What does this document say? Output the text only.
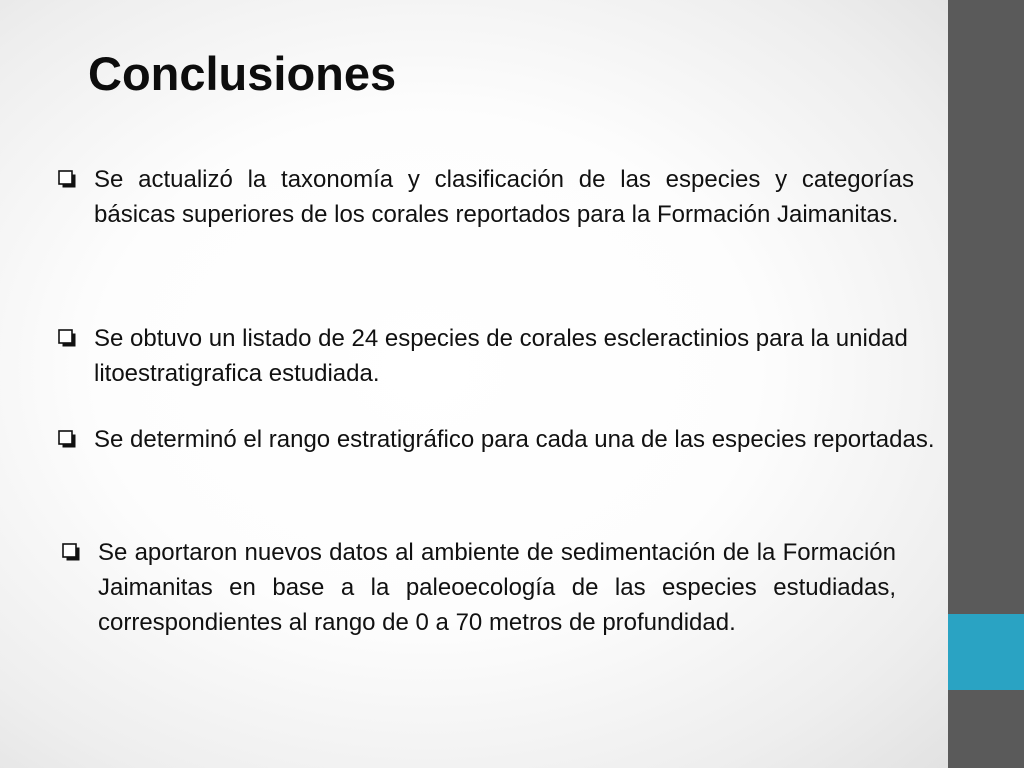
Conclusiones
Se actualizó la taxonomía y clasificación de las especies y categorías básicas superiores de los corales reportados para la Formación Jaimanitas.
Se obtuvo un listado de 24 especies de corales escleractinios para la unidad litoestratigrafica estudiada.
Se determinó el rango estratigráfico para cada una de las especies reportadas.
Se aportaron nuevos datos al ambiente de sedimentación de la Formación Jaimanitas en base a la paleoecología de las especies estudiadas, correspondientes al rango de 0 a 70 metros de profundidad.
